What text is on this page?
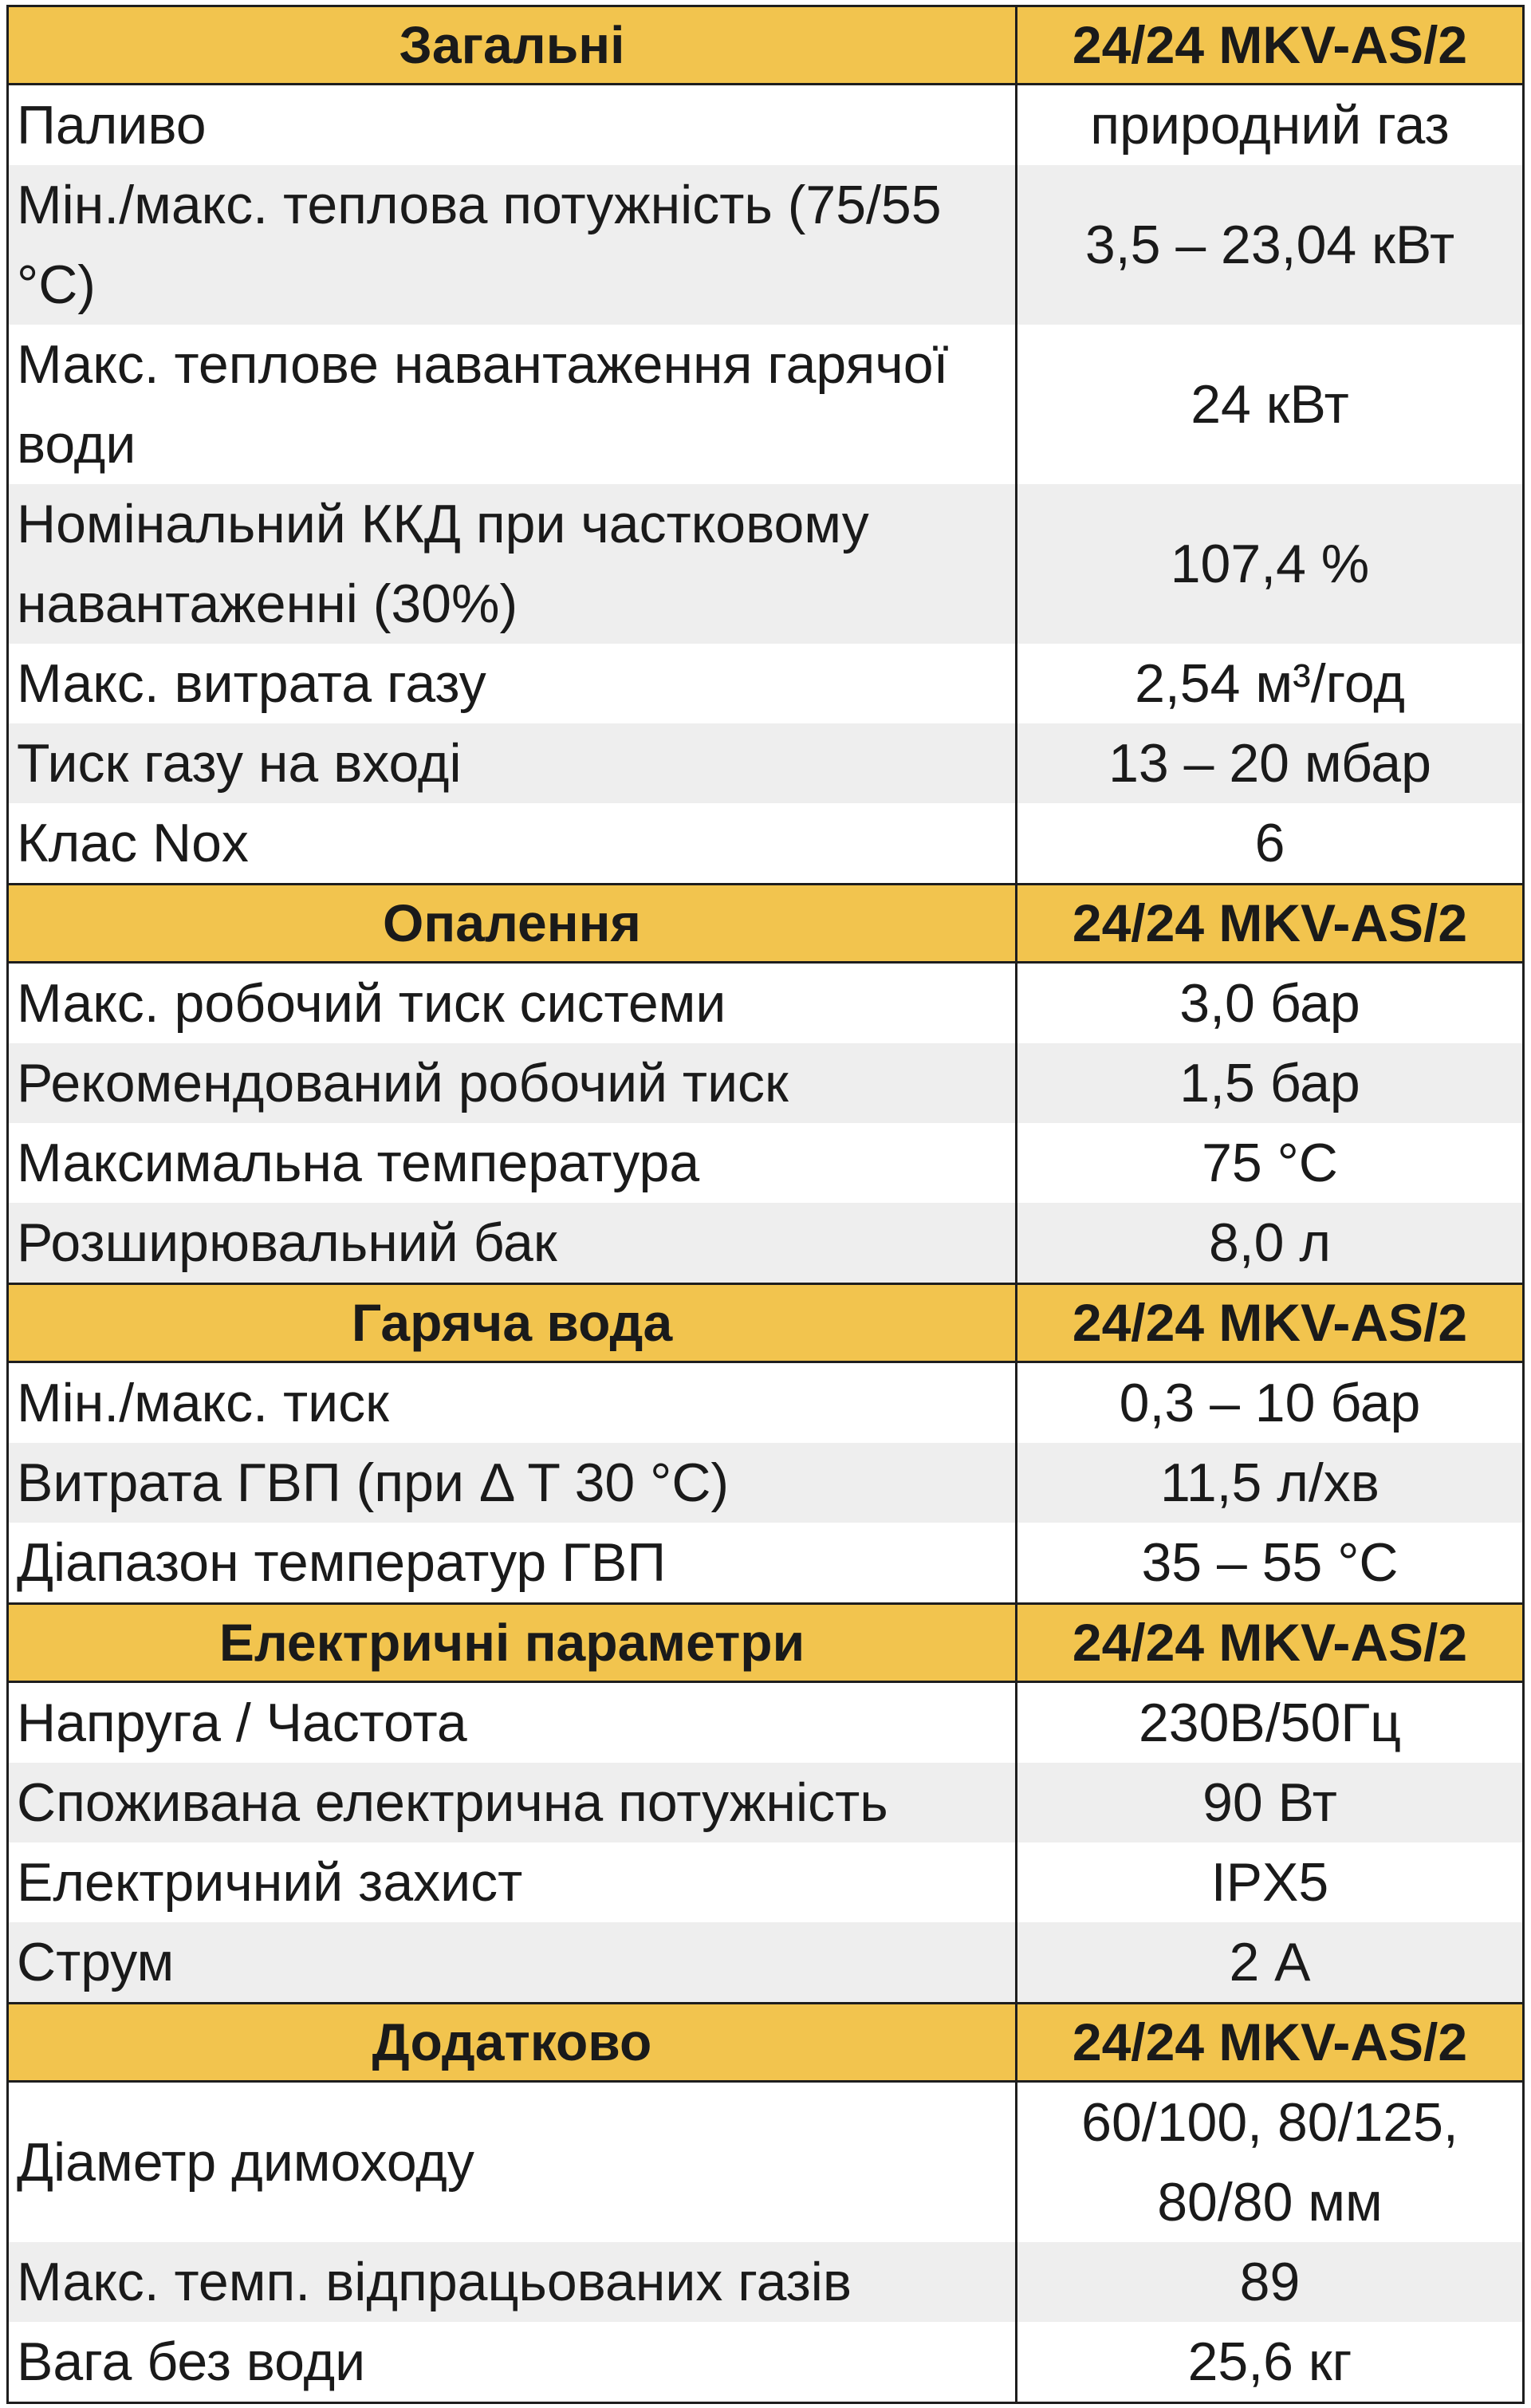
Загальні	24/24 MKV-AS/2
Паливо	природний газ
Мін./макс. теплова потужність (75/55 °C)	3,5 – 23,04 кВт
Макс. теплове навантаження гарячої води	24 кВт
Номінальний ККД при частковому навантаженні (30%)	107,4 %
Макс. витрата газу	2,54 м³/год
Тиск газу на вході	13 – 20 мбар
Клас Nox	6
Опалення	24/24 MKV-AS/2
Макс. робочий тиск системи	3,0 бар
Рекомендований робочий тиск	1,5 бар
Максимальна температура	75 °C
Розширювальний бак	8,0 л
Гаряча вода	24/24 MKV-AS/2
Мін./макс. тиск	0,3 – 10 бар
Витрата ГВП (при Δ T 30 °C)	11,5 л/хв
Діапазон температур ГВП	35 – 55 °C
Електричні параметри	24/24 MKV-AS/2
Напруга / Частота	230В/50Гц
Споживана електрична потужність	90 Вт
Електричний захист	IPX5
Струм	2 А
Додатково	24/24 MKV-AS/2
Діаметр димоходу	60/100, 80/125, 80/80 мм
Макс. темп. відпрацьованих газів	89
Вага без води	25,6 кг
